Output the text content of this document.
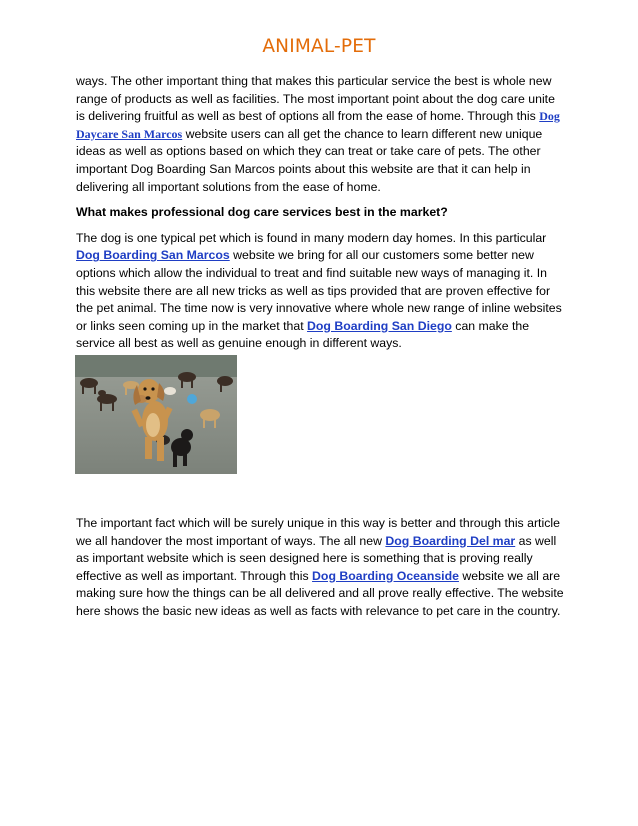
ANIMAL-PET

ways. The other important thing that makes this particular service the best is whole new range of products as well as facilities. The most important point about the dog care unite is delivering fruitful as well as best of options all from the ease of home. Through this Dog Daycare San Marcos website users can all get the chance to learn different new unique ideas as well as options based on which they can treat or take care of pets. The other important Dog Boarding San Marcos points about this website are that it can help in delivering all important solutions from the ease of home.

What makes professional dog care services best in the market?

The dog is one typical pet which is found in many modern day homes. In this particular Dog Boarding San Marcos website we bring for all our customers some better new options which allow the individual to treat and find suitable new ways of managing it. In this website there are all new tricks as well as tips provided that are proven effective for the pet animal. The time now is very innovative where whole new range of inline websites or links seen coming up in the market that Dog Boarding San Diego can make the service all best as well as genuine enough in different ways.

The important fact which will be surely unique in this way is better and through this article we all handover the most important of ways. The all new Dog Boarding Del mar as well as important website which is seen designed here is something that is proving really effective as well as important. Through this Dog Boarding Oceanside website we all are making sure how the things can be all delivered and all prove really effective. The website here shows the basic new ideas as well as facts with relevance to pet care in the country.
